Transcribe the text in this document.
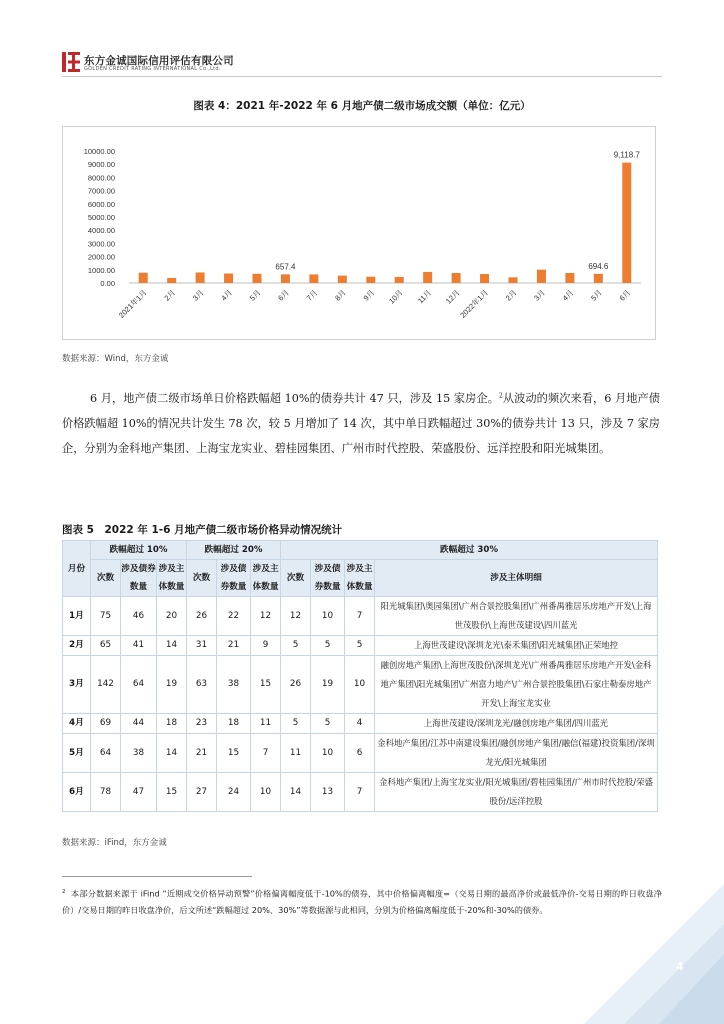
东方金诚国际信用评估有限公司
GOLDEN CREDIT RATING INTERNATIONAL Co.,Ltd.
图表 4：2021 年-2022 年 6 月地产债二级市场成交额（单位：亿元）
0.00
1000.00
2000.00
3000.00
4000.00
5000.00
6000.00
7000.00
8000.00
9000.00
10000.00
2021年1月 2月 3月 4月 5月
657.4
6月 7月 8月 9月 10月 11月 12月
2022年1月 2月 3月 4月
694.6
5月
9,118.7
6月
数据来源：Wind，东方金诚
6 月，地产债二级市场单日价格跌幅超 10%的债券共计 47 只，涉及 15 家房企。$^2$从波动的频次来看，6 月地产债价格跌幅超 10%的情况共计发生 78 次，较 5 月增加了 14 次，其中单日跌幅超过 30%的债券共计 13 只，涉及 7 家房企，分别为金科地产集团、上海宝龙实业、碧桂园集团、广州市时代控股、荣盛股份、远洋控股和阳光城集团。
图表 5　2022 年 1-6 月地产债二级市场价格异动情况统计
月份	跌幅超过 10%			跌幅超过 20%			跌幅超过 30%			
	次数	涉及债券数量	涉及主体数量	次数	涉及债券数量	涉及主体数量	次数	涉及债券数量	涉及主体数量	涉及主体明细
1月	75	46	20	26	22	12	12	10	7	阳光城集团\奥园集团\广州合景控股集团\广州番禺雅居乐房地产开发\上海世茂股份\上海世茂建设\四川蓝光
2月	65	41	14	31	21	9	5	5	5	上海世茂建设\深圳龙光\泰禾集团\阳光城集团\正荣地控
3月	142	64	19	63	38	15	26	19	10	融创房地产集团\上海世茂股份\深圳龙光\广州番禺雅居乐房地产开发\金科地产集团\阳光城集团\广州富力地产\广州合景控股集团\石家庄勒泰房地产开发\上海宝龙实业
4月	69	44	18	23	18	11	5	5	4	上海世茂建设/深圳龙光/融创房地产集团/四川蓝光
5月	64	38	14	21	15	7	11	10	6	金科地产集团/江苏中南建设集团/融创房地产集团/融信(福建)投资集团/深圳龙光/阳光城集团
6月	78	47	15	27	24	10	14	13	7	金科地产集团/上海宝龙实业/阳光城集团/碧桂园集团/广州市时代控股/荣盛股份/远洋控股
数据来源：iFind，东方金诚
$^2$ 本部分数据来源于 iFind “近期成交价格异动预警”价格偏离幅度低于-10%的债券，其中价格偏离幅度=（交易日期的最高净价或最低净价-交易日期的昨日收盘净价）/交易日期的昨日收盘净价，后文所述“跌幅超过 20%、30%”等数据源与此相同，分别为价格偏离幅度低于-20%和-30%的债券。
4
